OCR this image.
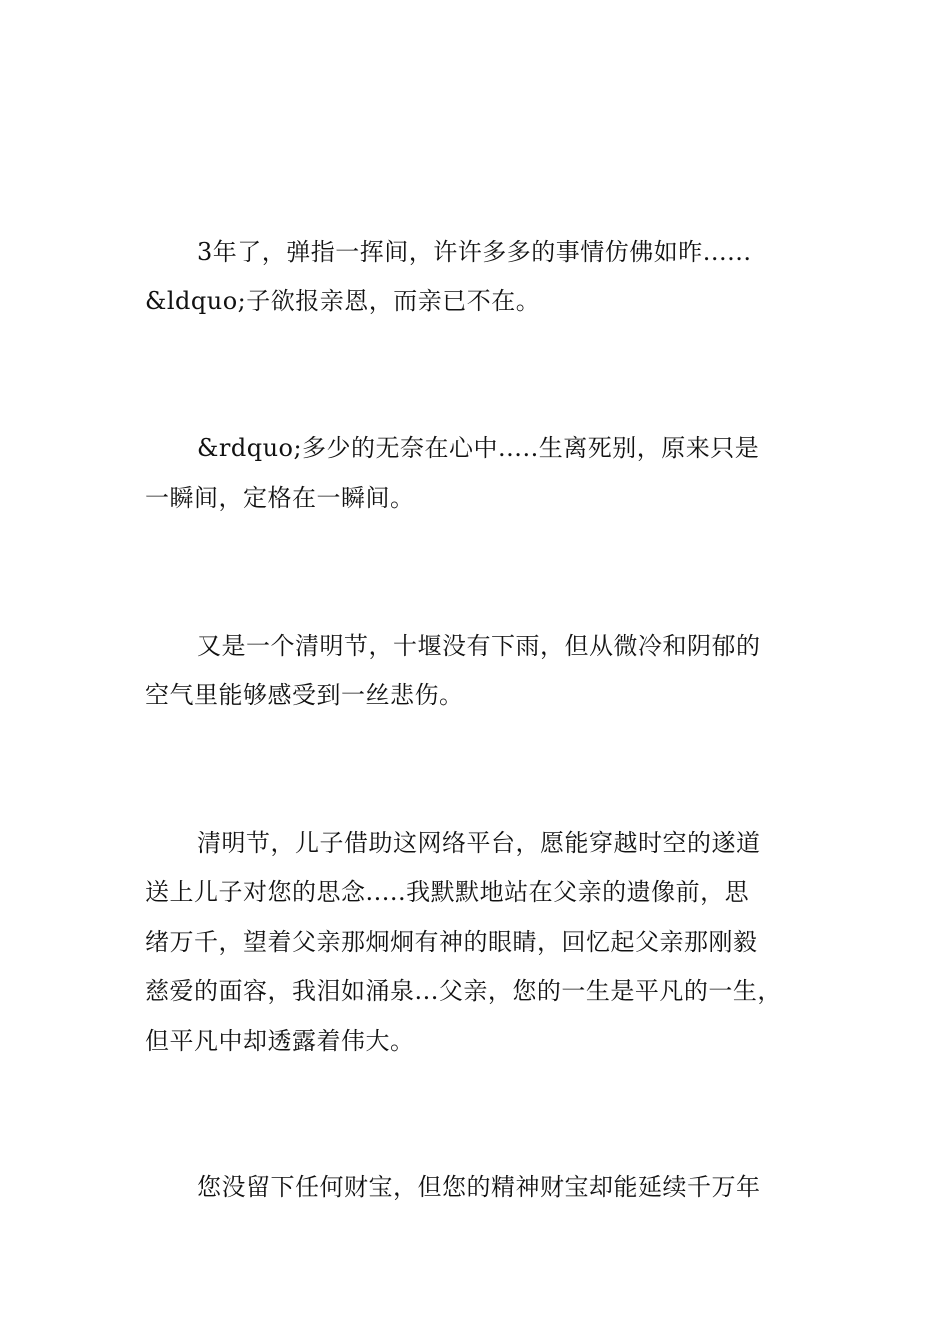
3年了，弹指一挥间，许许多多的事情仿佛如昨......
&ldquo;子欲报亲恩，而亲已不在。
&rdquo;多少的无奈在心中.....生离死别，原来只是
一瞬间，定格在一瞬间。
又是一个清明节，十堰没有下雨，但从微冷和阴郁的
空气里能够感受到一丝悲伤。
清明节，儿子借助这网络平台，愿能穿越时空的遂道
送上儿子对您的思念.....我默默地站在父亲的遗像前，思
绪万千，望着父亲那炯炯有神的眼睛，回忆起父亲那刚毅
慈爱的面容，我泪如涌泉...父亲，您的一生是平凡的一生，
但平凡中却透露着伟大。
您没留下任何财宝，但您的精神财宝却能延续千万年
